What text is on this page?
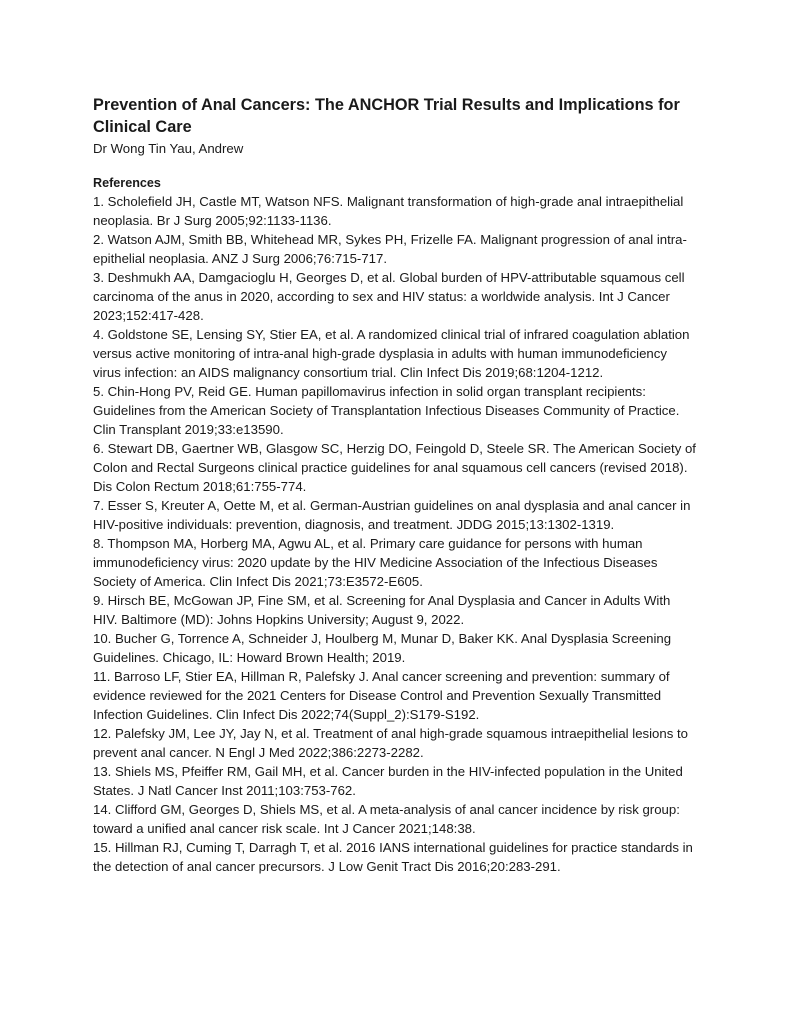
Prevention of Anal Cancers: The ANCHOR Trial Results and Implications for Clinical Care

Dr Wong Tin Yau, Andrew

References

1. Scholefield JH, Castle MT, Watson NFS. Malignant transformation of high-grade anal intraepithelial neoplasia. Br J Surg 2005;92:1133-1136.
2. Watson AJM, Smith BB, Whitehead MR, Sykes PH, Frizelle FA. Malignant progression of anal intra-epithelial neoplasia. ANZ J Surg 2006;76:715-717.
3. Deshmukh AA, Damgacioglu H, Georges D, et al. Global burden of HPV-attributable squamous cell carcinoma of the anus in 2020, according to sex and HIV status: a worldwide analysis. Int J Cancer 2023;152:417-428.
4. Goldstone SE, Lensing SY, Stier EA, et al. A randomized clinical trial of infrared coagulation ablation versus active monitoring of intra-anal high-grade dysplasia in adults with human immunodeficiency virus infection: an AIDS malignancy consortium trial. Clin Infect Dis 2019;68:1204-1212.
5. Chin-Hong PV, Reid GE. Human papillomavirus infection in solid organ transplant recipients: Guidelines from the American Society of Transplantation Infectious Diseases Community of Practice. Clin Transplant 2019;33:e13590.
6. Stewart DB, Gaertner WB, Glasgow SC, Herzig DO, Feingold D, Steele SR. The American Society of Colon and Rectal Surgeons clinical practice guidelines for anal squamous cell cancers (revised 2018). Dis Colon Rectum 2018;61:755-774.
7. Esser S, Kreuter A, Oette M, et al. German-Austrian guidelines on anal dysplasia and anal cancer in HIV-positive individuals: prevention, diagnosis, and treatment. JDDG 2015;13:1302-1319.
8. Thompson MA, Horberg MA, Agwu AL, et al. Primary care guidance for persons with human immunodeficiency virus: 2020 update by the HIV Medicine Association of the Infectious Diseases Society of America. Clin Infect Dis 2021;73:E3572-E605.
9. Hirsch BE, McGowan JP, Fine SM, et al. Screening for Anal Dysplasia and Cancer in Adults With HIV. Baltimore (MD): Johns Hopkins University; August 9, 2022.
10. Bucher G, Torrence A, Schneider J, Houlberg M, Munar D, Baker KK. Anal Dysplasia Screening Guidelines. Chicago, IL: Howard Brown Health; 2019.
11. Barroso LF, Stier EA, Hillman R, Palefsky J. Anal cancer screening and prevention: summary of evidence reviewed for the 2021 Centers for Disease Control and Prevention Sexually Transmitted Infection Guidelines. Clin Infect Dis 2022;74(Suppl_2):S179-S192.
12. Palefsky JM, Lee JY, Jay N, et al. Treatment of anal high-grade squamous intraepithelial lesions to prevent anal cancer. N Engl J Med 2022;386:2273-2282.
13. Shiels MS, Pfeiffer RM, Gail MH, et al. Cancer burden in the HIV-infected population in the United States. J Natl Cancer Inst 2011;103:753-762.
14. Clifford GM, Georges D, Shiels MS, et al. A meta-analysis of anal cancer incidence by risk group: toward a unified anal cancer risk scale. Int J Cancer 2021;148:38.
15. Hillman RJ, Cuming T, Darragh T, et al. 2016 IANS international guidelines for practice standards in the detection of anal cancer precursors. J Low Genit Tract Dis 2016;20:283-291.
